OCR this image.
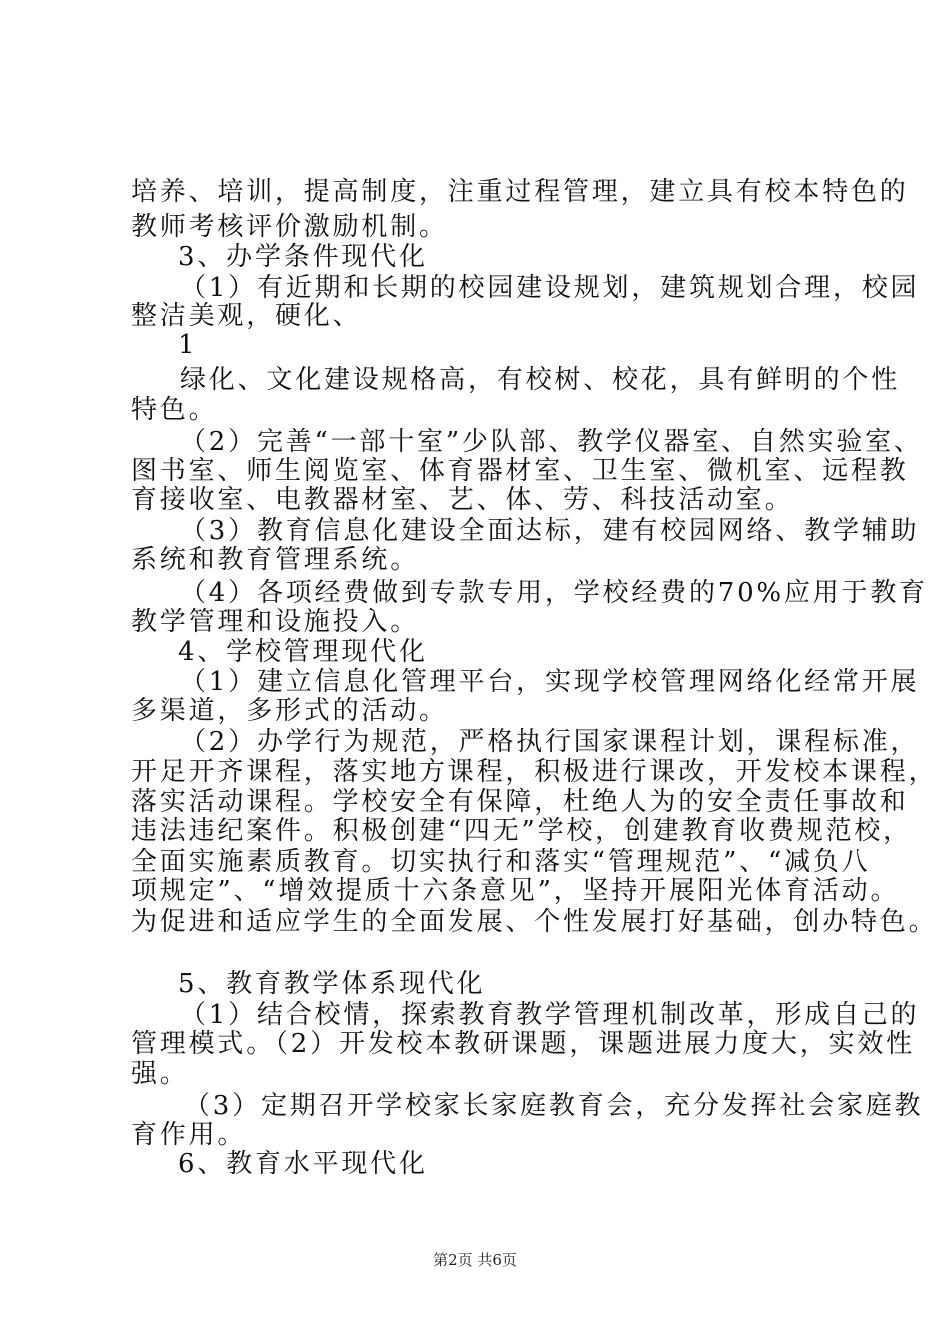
培养、培训，提高制度，注重过程管理，建立具有校本特色的
教师考核评价激励机制。
3、办学条件现代化
（1）有近期和长期的校园建设规划，建筑规划合理，校园
整洁美观，硬化、
1
绿化、文化建设规格高，有校树、校花，具有鲜明的个性
特色。
（2）完善“一部十室”少队部、教学仪器室、自然实验室、
图书室、师生阅览室、体育器材室、卫生室、微机室、远程教
育接收室、电教器材室、艺、体、劳、科技活动室。
（3）教育信息化建设全面达标，建有校园网络、教学辅助
系统和教育管理系统。
（4）各项经费做到专款专用，学校经费的70%应用于教育
教学管理和设施投入。
4、学校管理现代化
（1）建立信息化管理平台，实现学校管理网络化经常开展
多渠道，多形式的活动。
（2）办学行为规范，严格执行国家课程计划，课程标准，
开足开齐课程，落实地方课程，积极进行课改，开发校本课程，
落实活动课程。学校安全有保障，杜绝人为的安全责任事故和
违法违纪案件。积极创建“四无”学校，创建教育收费规范校，
全面实施素质教育。切实执行和落实“管理规范”、“减负八
项规定”、“增效提质十六条意见”，坚持开展阳光体育活动。
为促进和适应学生的全面发展、个性发展打好基础，创办特色。
5、教育教学体系现代化
（1）结合校情，探索教育教学管理机制改革，形成自己的
管理模式。（2）开发校本教研课题，课题进展力度大，实效性
强。
（3）定期召开学校家长家庭教育会，充分发挥社会家庭教
育作用。
6、教育水平现代化
第2页 共6页
